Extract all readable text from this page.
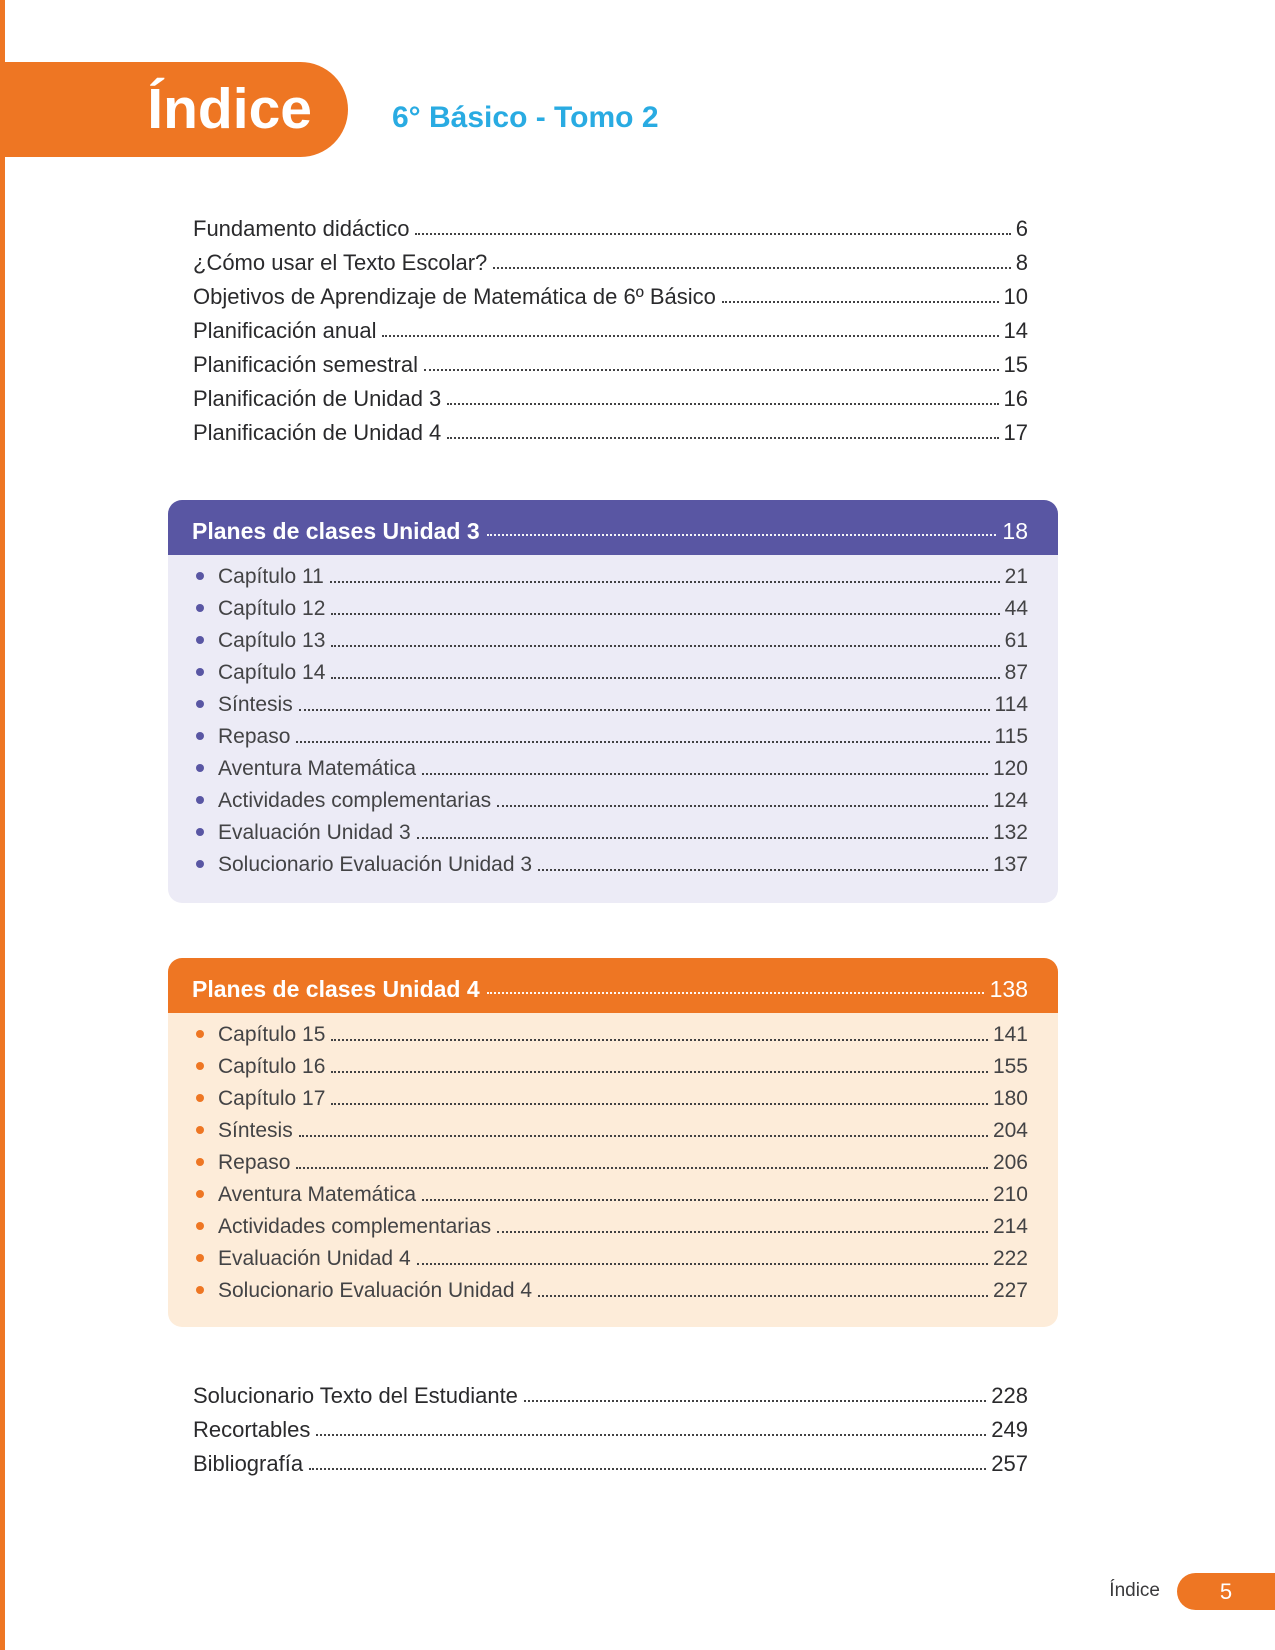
Índice	6° Básico - Tomo 2
Fundamento didáctico	6
¿Cómo usar el Texto Escolar?	8
Objetivos de Aprendizaje de Matemática de 6º Básico	10
Planificación anual	14
Planificación semestral	15
Planificación de Unidad 3	16
Planificación de Unidad 4	17
Planes de clases Unidad 3	18
Capítulo 11	21
Capítulo 12	44
Capítulo 13	61
Capítulo 14	87
Síntesis	114
Repaso	115
Aventura Matemática	120
Actividades complementarias	124
Evaluación Unidad 3	132
Solucionario Evaluación Unidad 3	137
Planes de clases Unidad 4	138
Capítulo 15	141
Capítulo 16	155
Capítulo 17	180
Síntesis	204
Repaso	206
Aventura Matemática	210
Actividades complementarias	214
Evaluación Unidad 4	222
Solucionario Evaluación Unidad 4	227
Solucionario Texto del Estudiante	228
Recortables	249
Bibliografía	257
Índice	5
